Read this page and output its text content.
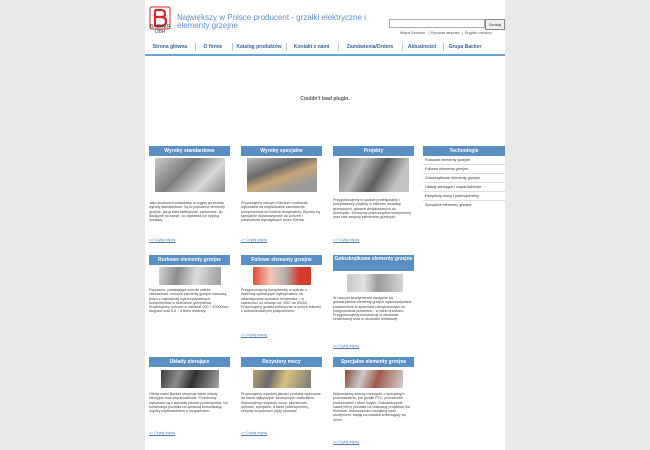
BACKER OBR
Największy w Polsce producent - grzałki elektryczne i elementy grzejne	Szukaj
Mapa Serwisu | Русская версия | English version
Strona główna	O firmie	Katalog produktów	Kontakt z nami	Zamówienia/Orders	Aktualności	Grupa Backer
Couldn't load plugin.
Wyroby standardowe
Jako producent posiadamy w ciągłej sprzedaży wyroby standardowe. Są to popularne elementy grzejne, jak grzałki elektryczne, patronowe, itp. dostępne na stanie, co zapewnia ich szybką dostawę.
>> Czytaj więcej
Wyroby specjalne
Proponujemy naszym Klientom możliwość wykonania na indywidualne zamówienie komponentów do kontroli temperatury. Wyroby są specjalnie dopasowywane do potrzeb i parametrów wymaganych przez Klienta.
>> Czytaj więcej
Projekty
Przygotowujemy w sposób profesjonalny i kompleksowy projekty w zakresie instalacji grzewczych, głównie dedykowanych do przemysłu. Tworzymy poszczególne komponenty oraz całe zespoły elementów grzejnych.
>> Czytaj więcej
Technologie
Rurkowe elementy grzejne
Foliowe elementy grzejne
Gołoskrętkowe elementy grzejne
Układy sterujące i wiązki kablowe
Rezystory mocy i potencjometry
Specjalne elementy grzejne
Rurkowe elementy grzejne
Popularne, posiadające szeroki zakres zastosowań, rurkowe elementy grzejne stanowią jeden z najczęściej wykorzystywanych komponentów w dziedzinie grzejnictwa. Projektujemy rurkowe w zakresie 200 ÷ 40000mm długości oraz 6,4 ÷ 9,6mm średnicy.
Foliowe elementy grzejne
Przygotowujemy komponenty w oparciu o materiały wykazujące wytrzymałość na oddziaływanie wysokich temperatur – w zależności od rozwoju od 700C do 5000C. Proponujemy grzałki elektryczne w sztuce foliowej z wulkanizowanymi połączeniami.
>> Czytaj więcej
Gołoskrętkowe elementy grzejne
W naszym asortymencie dostępne są gołoskrętkowe elementy grzejne wykorzystywane powszechnie w systemach dedykowanych do podgrzewania powietrza – w wielu branżach. Przygotowujemy konstrukcje w obudowie ceramicznej oraz w obudowie metalowej.
>> Czytaj więcej
Układy sterujące
Oferta marki Backer obejmuje także układy sterujące oraz wiązki kablowe. Przedmioty wykonane są z wysokiej jakości podzespołów. Ich konstrukcja pozwala na sprawną komunikację między użytkownikiem a urządzeniem.
>> Czytaj więcej
Rezystory mocy
Proponujemy wysokiej jakości produkty wykonane na bazie najlepszych zestrojonych materiałów. Wykonujemy rezystory mocy: aluminiowe, rurkowe, specjalne, a także potencjometry, zespoły rezystorów i płyty oporowe.
>> Czytaj więcej
Specjalne elementy grzejne
Wykonujemy szereg rozwiązań o specjalnym przeznaczeniu, jak grzałki PTC, promienniki podczerwieni i wiele innych. Doświadczenie naszej firmy pozwala na realizację projektów dla Klientów. Jednocześnie rozwijamy nasz asortyment, mając na uwadze zmieniający się rynek.
>> Czytaj więcej
